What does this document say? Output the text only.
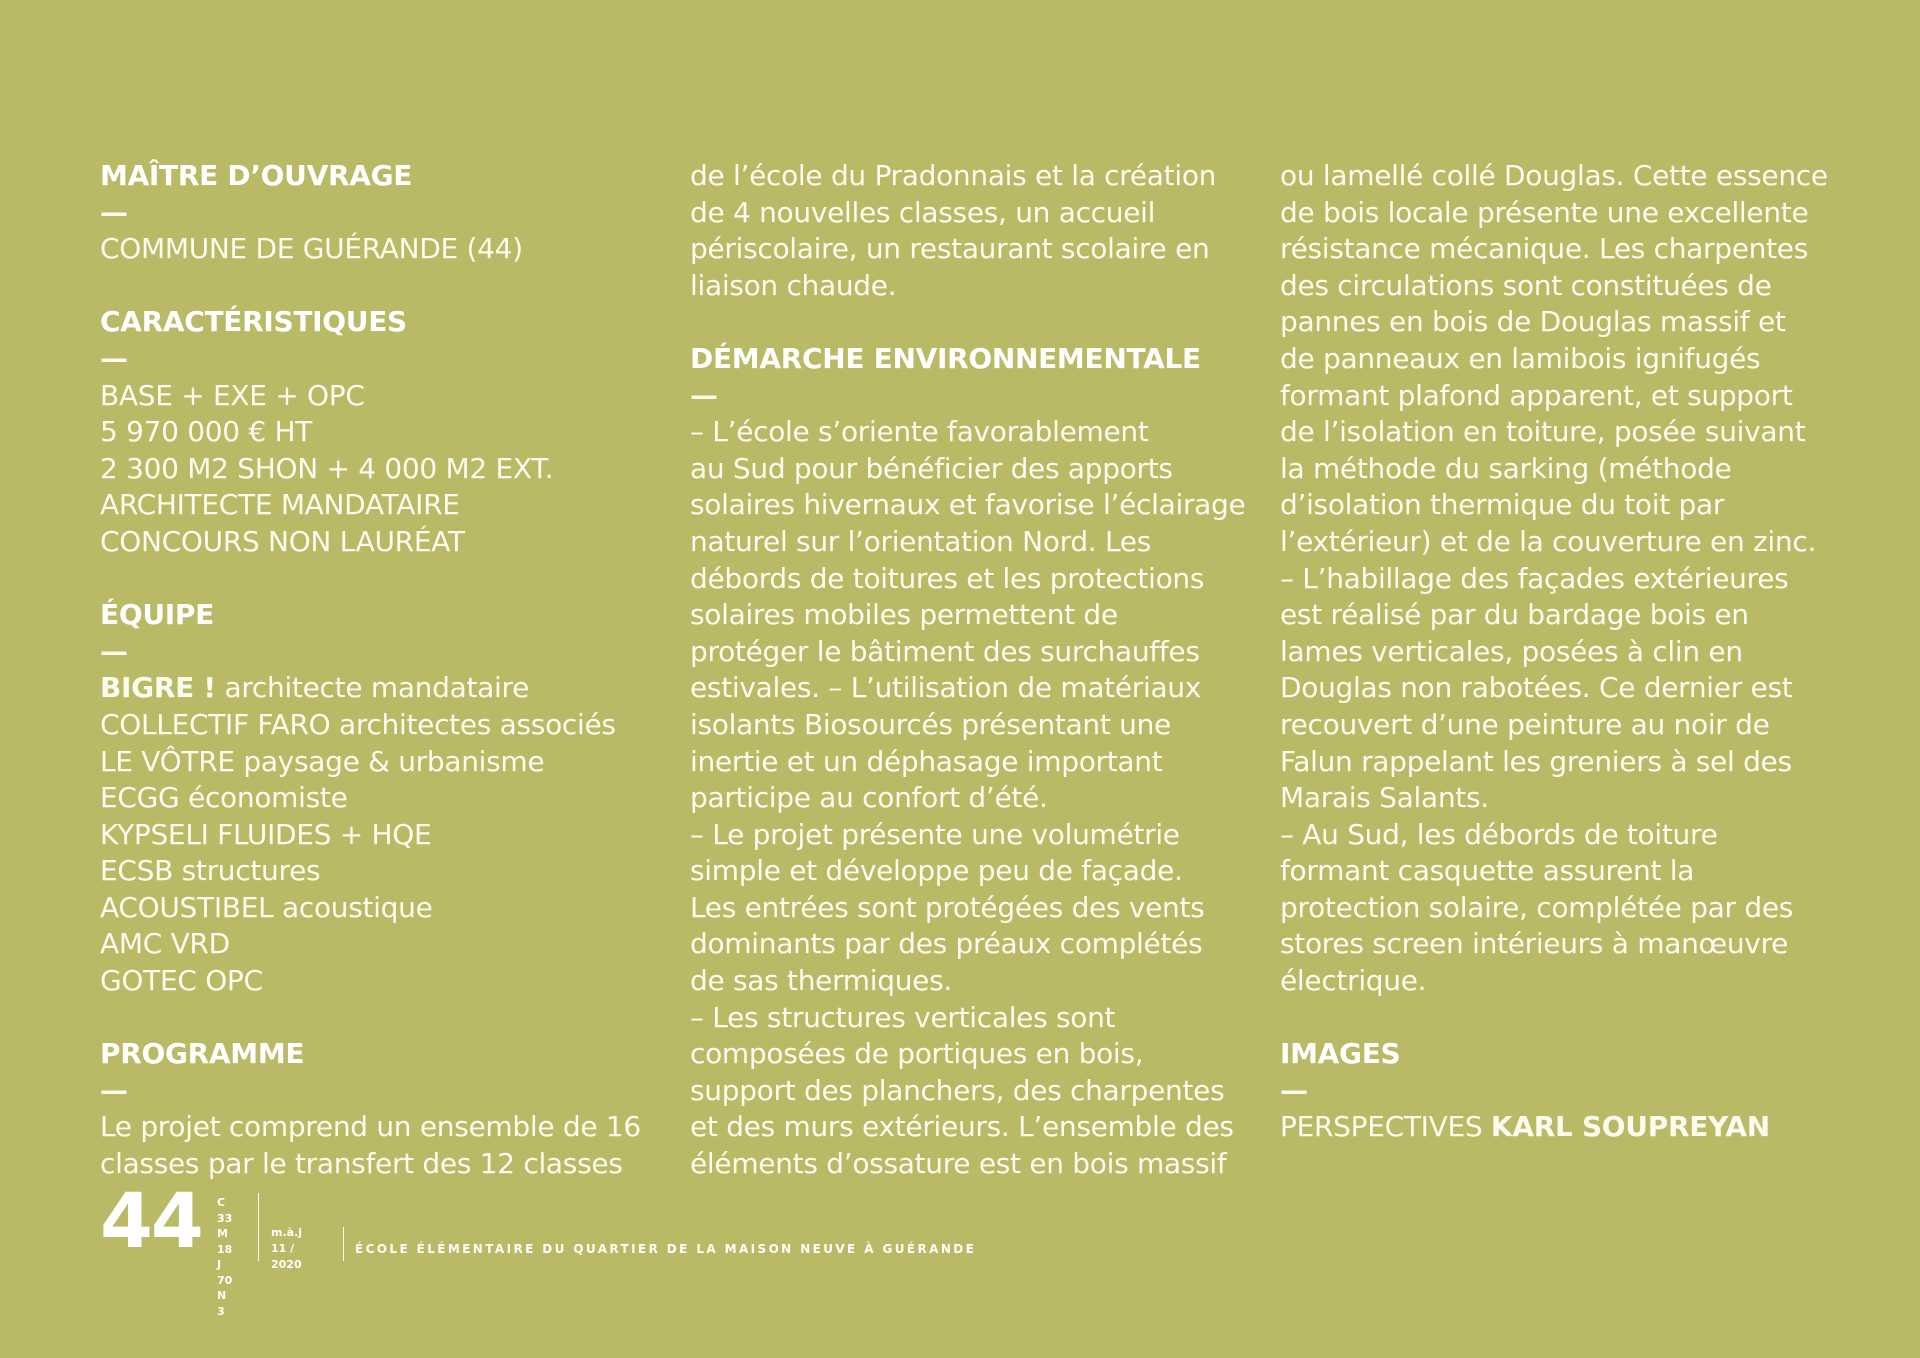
MAÎTRE D’OUVRAGE
—
COMMUNE DE GUÉRANDE (44)
CARACTÉRISTIQUES
—
BASE + EXE + OPC
5 970 000 € HT
2 300 M2 SHON + 4 000 M2 EXT.
ARCHITECTE MANDATAIRE
CONCOURS NON LAURÉAT
ÉQUIPE
—
BIGRE ! architecte mandataire
COLLECTIF FARO architectes associés
LE VÔTRE paysage & urbanisme
ECGG économiste
KYPSELI FLUIDES + HQE
ECSB structures
ACOUSTIBEL acoustique
AMC VRD
GOTEC OPC
PROGRAMME
—
Le projet comprend un ensemble de 16
classes par le transfert des 12 classes
de l’école du Pradonnais et la création
de 4 nouvelles classes, un accueil
périscolaire, un restaurant scolaire en
liaison chaude.
DÉMARCHE ENVIRONNEMENTALE
—
– L’école s’oriente favorablement
au Sud pour bénéficier des apports
solaires hivernaux et favorise l’éclairage
naturel sur l’orientation Nord. Les
débords de toitures et les protections
solaires mobiles permettent de
protéger le bâtiment des surchauffes
estivales. – L’utilisation de matériaux
isolants Biosourcés présentant une
inertie et un déphasage important
participe au confort d’été.
– Le projet présente une volumétrie
simple et développe peu de façade.
Les entrées sont protégées des vents
dominants par des préaux complétés
de sas thermiques.
– Les structures verticales sont
composées de portiques en bois,
support des planchers, des charpentes
et des murs extérieurs. L’ensemble des
éléments d’ossature est en bois massif
ou lamellé collé Douglas. Cette essence
de bois locale présente une excellente
résistance mécanique. Les charpentes
des circulations sont constituées de
pannes en bois de Douglas massif et
de panneaux en lamibois ignifugés
formant plafond apparent, et support
de l’isolation en toiture, posée suivant
la méthode du sarking (méthode
d’isolation thermique du toit par
l’extérieur) et de la couverture en zinc.
– L’habillage des façades extérieures
est réalisé par du bardage bois en
lames verticales, posées à clin en
Douglas non rabotées. Ce dernier est
recouvert d’une peinture au noir de
Falun rappelant les greniers à sel des
Marais Salants.
– Au Sud, les débords de toiture
formant casquette assurent la
protection solaire, complétée par des
stores screen intérieurs à manœuvre
électrique.
IMAGES
—
PERSPECTIVES KARL SOUPREYAN
44 C 33
M 18
J 70
N 3
m.à.j
11 / 2020
ÉCOLE ÉLÉMENTAIRE DU QUARTIER DE LA MAISON NEUVE À GUÉRANDE
